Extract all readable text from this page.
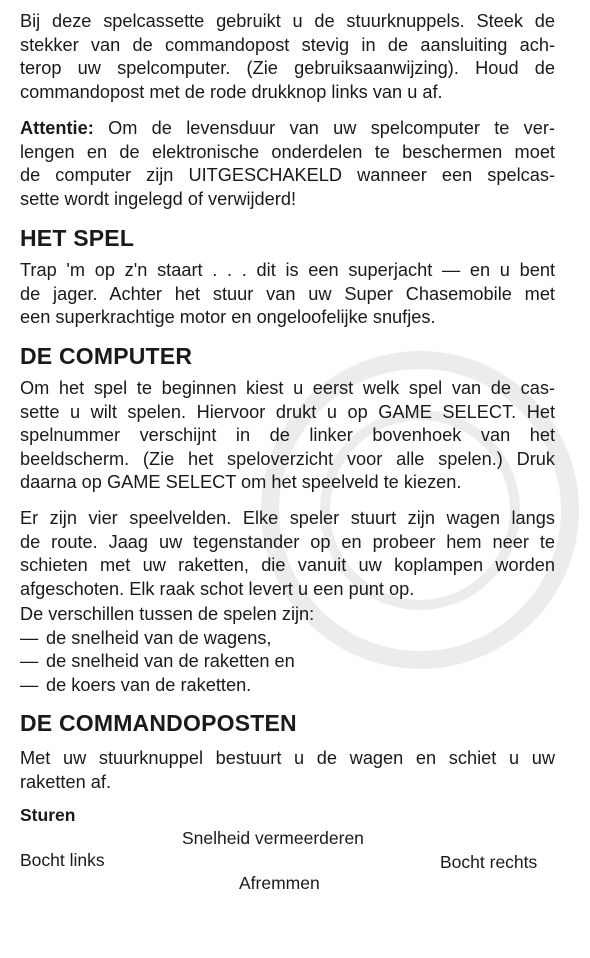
Bij deze spelcassette gebruikt u de stuurknuppels. Steek de
stekker van de commandopost stevig in de aansluiting ach-
terop uw spelcomputer. (Zie gebruiksaanwijzing). Houd de
commandopost met de rode drukknop links van u af.

Attentie: Om de levensduur van uw spelcomputer te ver-
lengen en de elektronische onderdelen te beschermen moet
de computer zijn UITGESCHAKELD wanneer een spelcas-
sette wordt ingelegd of verwijderd!

HET SPEL

Trap 'm op z'n staart . . . dit is een superjacht — en u bent
de jager. Achter het stuur van uw Super Chasemobile met
een superkrachtige motor en ongeloofelijke snufjes.

DE COMPUTER

Om het spel te beginnen kiest u eerst welk spel van de cas-
sette u wilt spelen. Hiervoor drukt u op GAME SELECT. Het
spelnummer verschijnt in de linker bovenhoek van het
beeldscherm. (Zie het speloverzicht voor alle spelen.) Druk
daarna op GAME SELECT om het speelveld te kiezen.

Er zijn vier speelvelden. Elke speler stuurt zijn wagen langs
de route. Jaag uw tegenstander op en probeer hem neer te
schieten met uw raketten, die vanuit uw koplampen worden
afgeschoten. Elk raak schot levert u een punt op.

De verschillen tussen de spelen zijn:
— de snelheid van de wagens,
— de snelheid van de raketten en
— de koers van de raketten.
DE COMMANDOPOSTEN

Met uw stuurknuppel bestuurt u de wagen en schiet u uw
raketten af.

Sturen

Snelheid vermeerderen

Bocht links	Bocht rechts

Afremmen
